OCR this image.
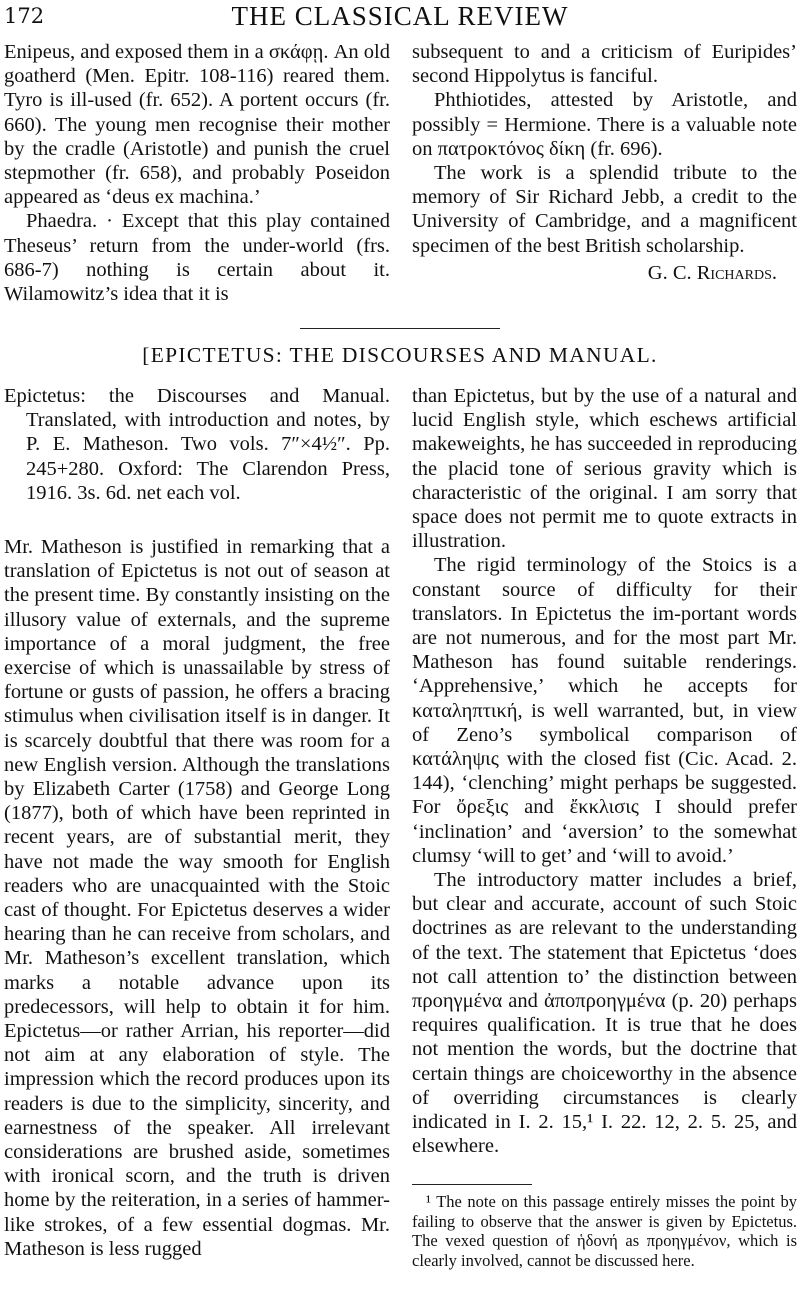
172	THE CLASSICAL REVIEW

Enipeus, and exposed them in a σκάφῃ. An old goatherd (Men. Epitr. 108-116) reared them. Tyro is ill-used (fr. 652). A portent occurs (fr. 660). The young men recognise their mother by the cradle (Aristotle) and punish the cruel stepmother (fr. 658), and probably Poseidon appeared as ‘deus ex machina.’

Phaedra. · Except that this play contained Theseus’ return from the under-world (frs. 686-7) nothing is certain about it. Wilamowitz’s idea that it is

subsequent to and a criticism of Euripides’ second Hippolytus is fanciful.

Phthiotides, attested by Aristotle, and possibly = Hermione. There is a valuable note on πατροκτόνος δίκη (fr. 696).

The work is a splendid tribute to the memory of Sir Richard Jebb, a credit to the University of Cambridge, and a magnificent specimen of the best British scholarship.

G. C. Richards.

[EPICTETUS: THE DISCOURSES AND MANUAL.

Epictetus: the Discourses and Manual. Translated, with introduction and notes, by P. E. Matheson. Two vols. 7″×4½″. Pp. 245+280. Oxford: The Clarendon Press, 1916. 3s. 6d. net each vol.

Mr. Matheson is justified in remarking that a translation of Epictetus is not out of season at the present time. By constantly insisting on the illusory value of externals, and the supreme importance of a moral judgment, the free exercise of which is unassailable by stress of fortune or gusts of passion, he offers a bracing stimulus when civilisation itself is in danger. It is scarcely doubtful that there was room for a new English version. Although the translations by Elizabeth Carter (1758) and George Long (1877), both of which have been reprinted in recent years, are of substantial merit, they have not made the way smooth for English readers who are unacquainted with the Stoic cast of thought. For Epictetus deserves a wider hearing than he can receive from scholars, and Mr. Matheson’s excellent translation, which marks a notable advance upon its predecessors, will help to obtain it for him. Epictetus—or rather Arrian, his reporter—did not aim at any elaboration of style. The impression which the record produces upon its readers is due to the simplicity, sincerity, and earnestness of the speaker. All irrelevant considerations are brushed aside, sometimes with ironical scorn, and the truth is driven home by the reiteration, in a series of hammer-like strokes, of a few essential dogmas. Mr. Matheson is less rugged

than Epictetus, but by the use of a natural and lucid English style, which eschews artificial makeweights, he has succeeded in reproducing the placid tone of serious gravity which is characteristic of the original. I am sorry that space does not permit me to quote extracts in illustration.

The rigid terminology of the Stoics is a constant source of difficulty for their translators. In Epictetus the im-portant words are not numerous, and for the most part Mr. Matheson has found suitable renderings. ‘Apprehensive,’ which he accepts for καταληπτική, is well warranted, but, in view of Zeno’s symbolical comparison of κατάληψις with the closed fist (Cic. Acad. 2. 144), ‘clenching’ might perhaps be suggested. For ὄρεξις and ἔκκλισις I should prefer ‘inclination’ and ‘aversion’ to the somewhat clumsy ‘will to get’ and ‘will to avoid.’

The introductory matter includes a brief, but clear and accurate, account of such Stoic doctrines as are relevant to the understanding of the text. The statement that Epictetus ‘does not call attention to’ the distinction between προηγμένα and ἀποπροηγμένα (p. 20) perhaps requires qualification. It is true that he does not mention the words, but the doctrine that certain things are choiceworthy in the absence of overriding circumstances is clearly indicated in I. 2. 15,¹ I. 22. 12, 2. 5. 25, and elsewhere.

¹ The note on this passage entirely misses the point by failing to observe that the answer is given by Epictetus. The vexed question of ἡδονή as προηγμένον, which is clearly involved, cannot be discussed here.
